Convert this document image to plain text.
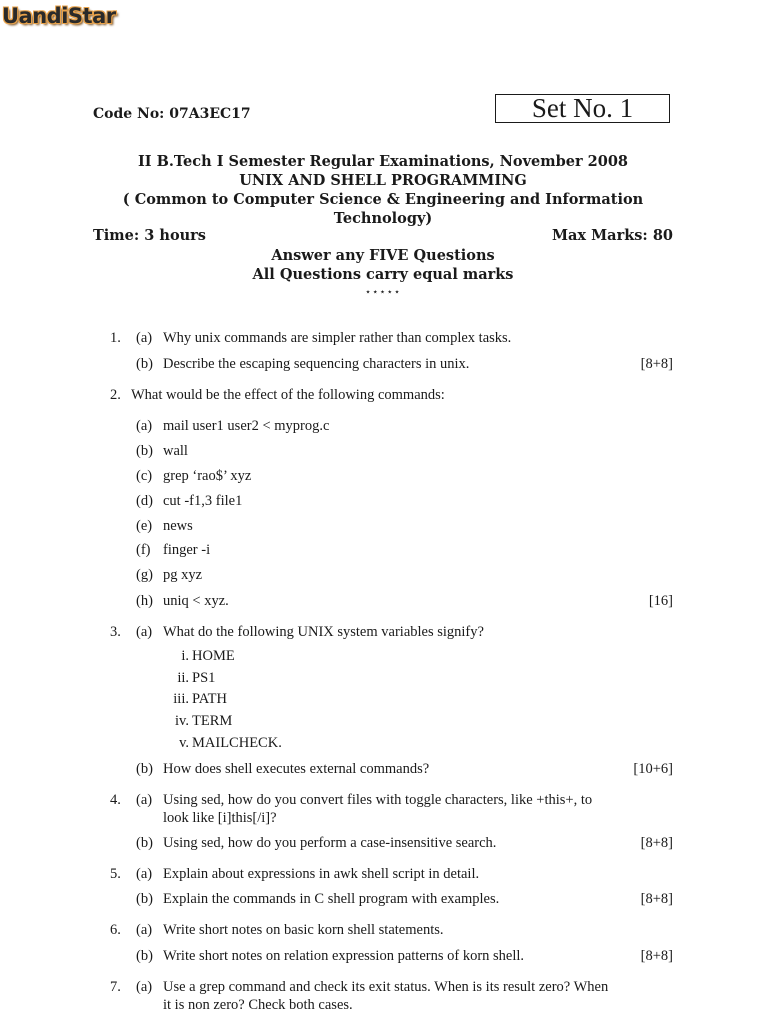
UandiStar
Code No: 07A3EC17	Set No. 1
II B.Tech I Semester Regular Examinations, November 2008
UNIX AND SHELL PROGRAMMING
( Common to Computer Science & Engineering and Information
Technology)
Time: 3 hours	Max Marks: 80
Answer any FIVE Questions
All Questions carry equal marks
⋆⋆⋆⋆⋆
1. (a) Why unix commands are simpler rather than complex tasks.
(b) Describe the escaping sequencing characters in unix.	[8+8]
2. What would be the effect of the following commands:
(a) mail user1 user2 < myprog.c
(b) wall
(c) grep ‘rao$’ xyz
(d) cut -f1,3 file1
(e) news
(f) finger -i
(g) pg xyz
(h) uniq < xyz.	[16]
3. (a) What do the following UNIX system variables signify?
i. HOME
ii. PS1
iii. PATH
iv. TERM
v. MAILCHECK.
(b) How does shell executes external commands?	[10+6]
4. (a) Using sed, how do you convert files with toggle characters, like +this+, to
look like [i]this[/i]?
(b) Using sed, how do you perform a case-insensitive search.	[8+8]
5. (a) Explain about expressions in awk shell script in detail.
(b) Explain the commands in C shell program with examples.	[8+8]
6. (a) Write short notes on basic korn shell statements.
(b) Write short notes on relation expression patterns of korn shell.	[8+8]
7. (a) Use a grep command and check its exit status. When is its result zero? When
it is non zero? Check both cases.
